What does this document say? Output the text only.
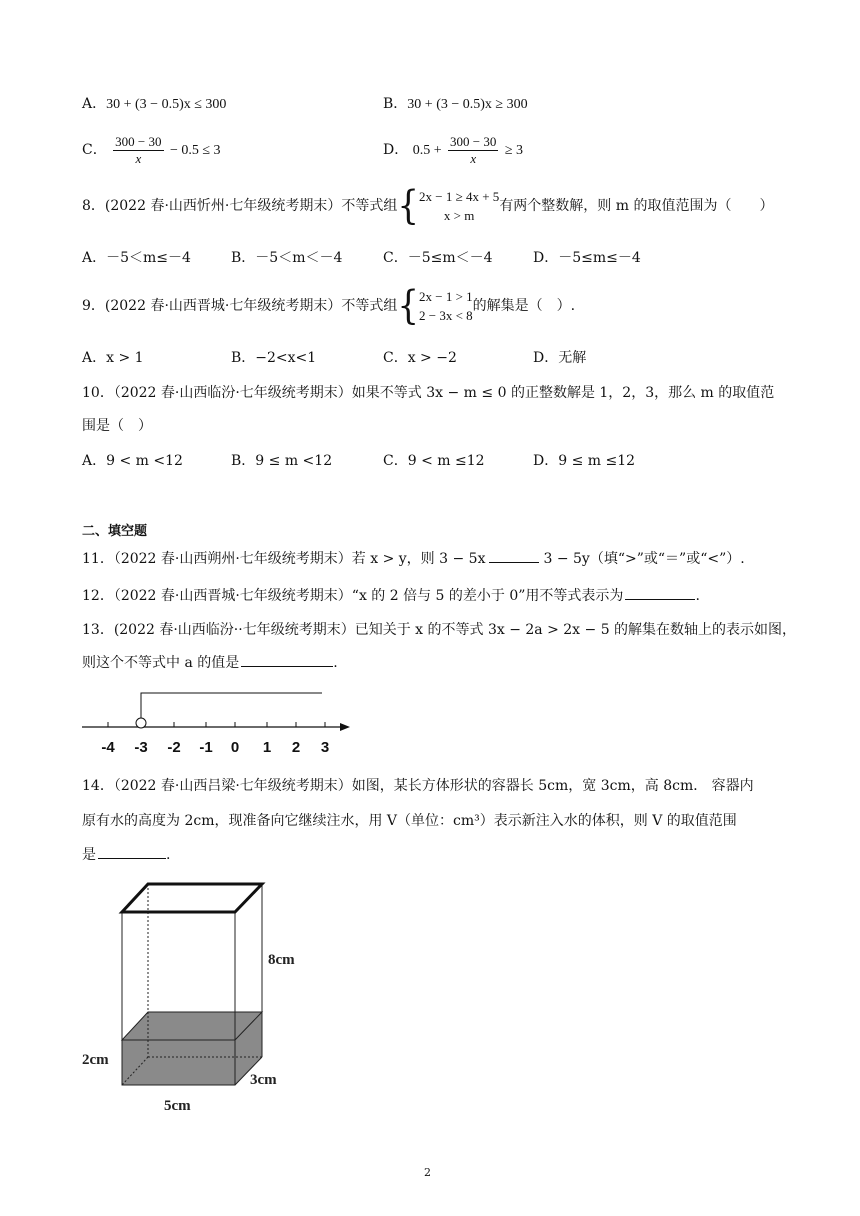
A．30 + (3 − 0.5)x ≤ 300	B．30 + (3 − 0.5)x ≥ 300
C． $\frac{300 - 30}{x} - 0.5 \le 3$	D． $0.5 + \frac{300 - 30}{x} \ge 3$
8．(2022 春·山西忻州·七年级统考期末）不等式组{ 2x − 1 ≥ 4x + 5
x > m
有两个整数解，则 m 的取值范围为（　　）
A．－5＜m≤－4	B．－5＜m＜－4	C．－5≤m＜－4	D．－5≤m≤－4
9．(2022 春·山西晋城·七年级统考期末）不等式组{ 2x − 1 > 1
2 − 3x < 8
的解集是（　）.
A．x > 1	B．−2<x<1	C．x > −2	D．无解
10．（2022 春·山西临汾·七年级统考期末）如果不等式 3x − m ≤ 0 的正整数解是 1，2，3，那么 m 的取值范
围是（　）
A．9 < m <12	B．9 ≤ m <12	C．9 < m ≤12	D．9 ≤ m ≤12
二、填空题
11．（2022 春·山西朔州·七年级统考期末）若 x > y，则 3 − 5x	3 − 5y（填“>”或“＝”或“<”）.
12．（2022 春·山西晋城·七年级统考期末）“x 的 2 倍与 5 的差小于 0”用不等式表示为	.
13．(2022 春·山西临汾··七年级统考期末）已知关于 x 的不等式 3x − 2a > 2x − 5 的解集在数轴上的表示如图，
则这个不等式中 a 的值是	.
-4 -3 -2 -1 0 1 2 3
14．（2022 春·山西吕梁·七年级统考期末）如图，某长方体形状的容器长 5cm，宽 3cm，高 8cm． 容器内
原有水的高度为 2cm，现准备向它继续注水，用 V（单位：cm³）表示新注入水的体积，则 V 的取值范围
是	.
8cm
2cm
3cm
5cm
2
